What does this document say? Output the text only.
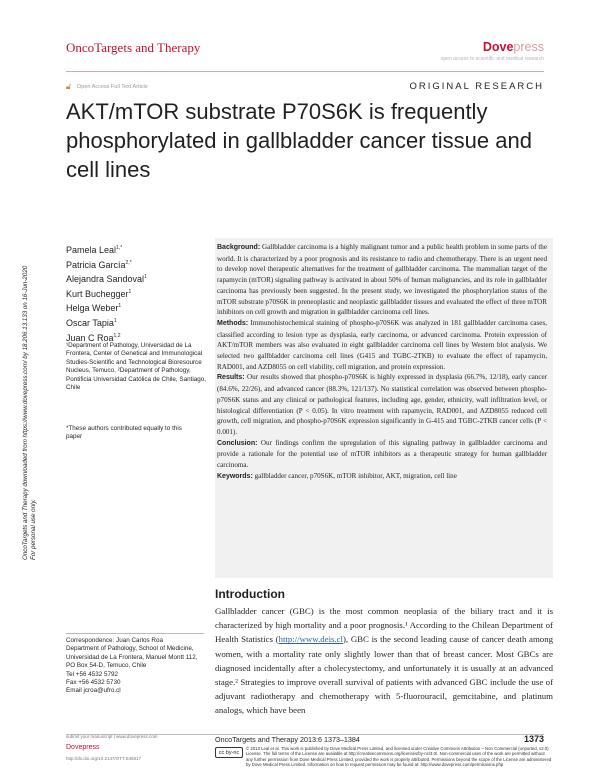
OncoTargets and Therapy	Dovepress
open access to scientific and medical research
🔓︎	Open Access Full Text Article	ORIGINAL RESEARCH
AKT/mTOR substrate P70S6K is frequently phosphorylated in gallbladder cancer tissue and cell lines
OncoTargets and Therapy downloaded from https://www.dovepress.com/ by 18.206.13.133 on 16-Jun-2020 For personal use only.
Pamela Leal$^{1,*}$
Patricia García$^{2,*}$
Alejandra Sandoval$^1$
Kurt Buchegger$^1$
Helga Weber$^1$
Oscar Tapia$^1$
Juan C Roa$^{1,2}$
¹Department of Pathology, Universidad de La Frontera, Center of Genetical and Immunological Studies-Scientific and Technological Bioresource Nucleus, Temuco, ²Department of Pathology, Pontificia Universidad Católica de Chile, Santiago, Chile
*These authors contributed equally to this paper

Background: Gallbladder carcinoma is a highly malignant tumor and a public health problem in some parts of the world. It is characterized by a poor prognosis and its resistance to radio and chemotherapy. There is an urgent need to develop novel therapeutic alternatives for the treatment of gallbladder carcinoma. The mammalian target of the rapamycin (mTOR) signaling pathway is activated in about 50% of human malignancies, and its role in gallbladder carcinoma has previously been suggested. In the present study, we investigated the phosphorylation status of the mTOR substrate p70S6K in preneoplastic and neoplastic gallbladder tissues and evaluated the effect of three mTOR inhibitors on cell growth and migration in gallbladder carcinoma cell lines.

Methods: Immunohistochemical staining of phospho-p70S6K was analyzed in 181 gallbladder carcinoma cases, classified according to lesion type as dysplasia, early carcinoma, or advanced carcinoma. Protein expression of AKT/mTOR members was also evaluated in eight gallbladder carcinoma cell lines by Western blot analysis. We selected two gallbladder carcinoma cell lines (G415 and TGBC-2TKB) to evaluate the effect of rapamycin, RAD001, and AZD8055 on cell viability, cell migration, and protein expression.

Results: Our results showed that phospho-p70S6K is highly expressed in dysplasia (66.7%, 12/18), early cancer (84.6%, 22/26), and advanced cancer (88.3%, 121/137). No statistical correlation was observed between phospho-p70S6K status and any clinical or pathological features, including age, gender, ethnicity, wall infiltration level, or histological differentiation (P < 0.05). In vitro treatment with rapamycin, RAD001, and AZD8055 reduced cell growth, cell migration, and phospho-p70S6K expression significantly in G-415 and TGBC-2TKB cancer cells (P < 0.001).

Conclusion: Our findings confirm the upregulation of this signaling pathway in gallbladder carcinoma and provide a rationale for the potential use of mTOR inhibitors as a therapeutic strategy for human gallbladder carcinoma.

Keywords: gallbladder cancer, p70S6K, mTOR inhibitor, AKT, migration, cell line

Introduction
Gallbladder cancer (GBC) is the most common neoplasia of the biliary tract and it is characterized by high mortality and a poor prognosis.¹ According to the Chilean Department of Health Statistics (http://www.deis.cl), GBC is the second leading cause of cancer death among women, with a mortality rate only slightly lower than that of breast cancer. Most GBCs are diagnosed incidentally after a cholecystectomy, and unfortunately it is usually at an advanced stage.² Strategies to improve overall survival of patients with advanced GBC include the use of adjuvant radiotherapy and chemotherapy with 5-fluorouracil, gemcitabine, and platinum analogs, which have been
Correspondence: Juan Carlos Roa
Department of Pathology, School of Medicine, Universidad de La Frontera, Manuel Montt 112, PO Box 54-D, Temuco, Chile
Tel +56 4532 5792
Fax +56 4532 5730
Email jcroa@ufro.cl
submit your manuscript | www.dovepress.com
Dovepress
http://dx.doi.org/10.2147/OTT.S46917
OncoTargets and Therapy 2013:6 1373–1384	1373
cc by-nc
© 2013 Leal et al. This work is published by Dove Medical Press Limited, and licensed under Creative Commons Attribution – Non Commercial (unported, v3.0) License. The full terms of the License are available at http://creativecommons.org/licenses/by-nc/3.0/. Non-commercial uses of the work are permitted without any further permission from Dove Medical Press Limited, provided the work is properly attributed. Permissions beyond the scope of the License are administered by Dove Medical Press Limited. Information on how to request permission may be found at: http://www.dovepress.com/permissions.php
